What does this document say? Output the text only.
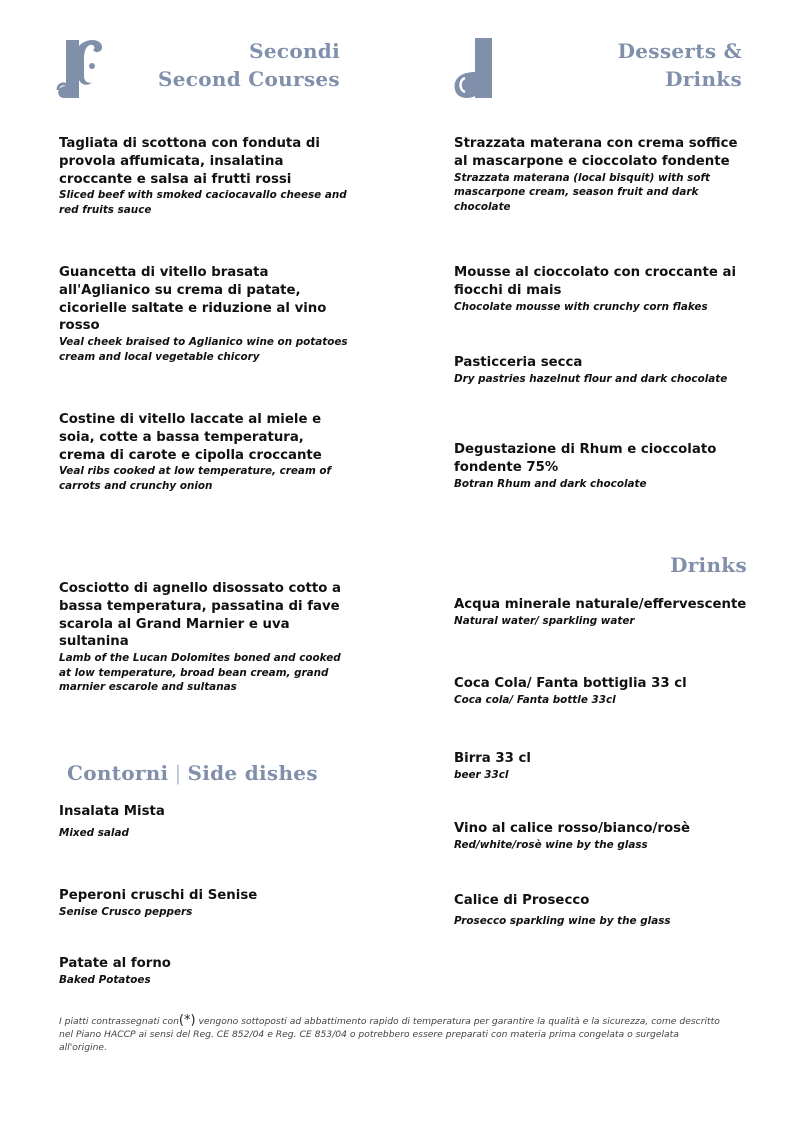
Secondi
Second Courses
Desserts &
Drinks
Tagliata di scottona con fonduta di provola affumicata, insalatina croccante e salsa ai frutti rossi
Sliced beef with smoked caciocavallo cheese and red fruits sauce
Guancetta di vitello brasata all'Aglianico su crema di patate, cicorielle saltate e riduzione al vino rosso
Veal cheek braised to Aglianico wine on potatoes cream and local vegetable chicory
Costine di vitello laccate al miele e soia, cotte a bassa temperatura, crema di carote e cipolla croccante
Veal ribs cooked at low temperature, cream of carrots and crunchy onion
Cosciotto di agnello disossato cotto a bassa temperatura, passatina di fave scarola al Grand Marnier e uva sultanina
Lamb of the Lucan Dolomites boned and cooked at low temperature, broad bean cream, grand marnier escarole and sultanas
Contorni | Side dishes
Insalata Mista
Mixed salad
Peperoni cruschi di Senise
Senise Crusco peppers
Patate al forno
Baked Potatoes
Strazzata materana con crema soffice al mascarpone e cioccolato fondente
Strazzata materana (local bisquit) with soft mascarpone cream, season fruit and dark chocolate
Mousse al cioccolato con croccante ai fiocchi di mais
Chocolate mousse with crunchy corn flakes
Pasticceria secca
Dry pastries hazelnut flour and dark chocolate
Degustazione di Rhum e cioccolato fondente 75%
Botran Rhum and dark chocolate
Drinks
Acqua minerale naturale/effervescente
Natural water/ sparkling water
Coca Cola/ Fanta bottiglia 33 cl
Coca cola/ Fanta bottle 33cl
Birra 33 cl
beer 33cl
Vino al calice rosso/bianco/rosè
Red/white/rosè wine by the glass
Calice di Prosecco
Prosecco sparkling wine by the glass
I piatti contrassegnati con(*) vengono sottoposti ad abbattimento rapido di temperatura per garantire la qualità e la sicurezza, come descritto nel Piano HACCP ai sensi del Reg. CE 852/04 e Reg. CE 853/04 o potrebbero essere preparati con materia prima congelata o surgelata all'origine.
